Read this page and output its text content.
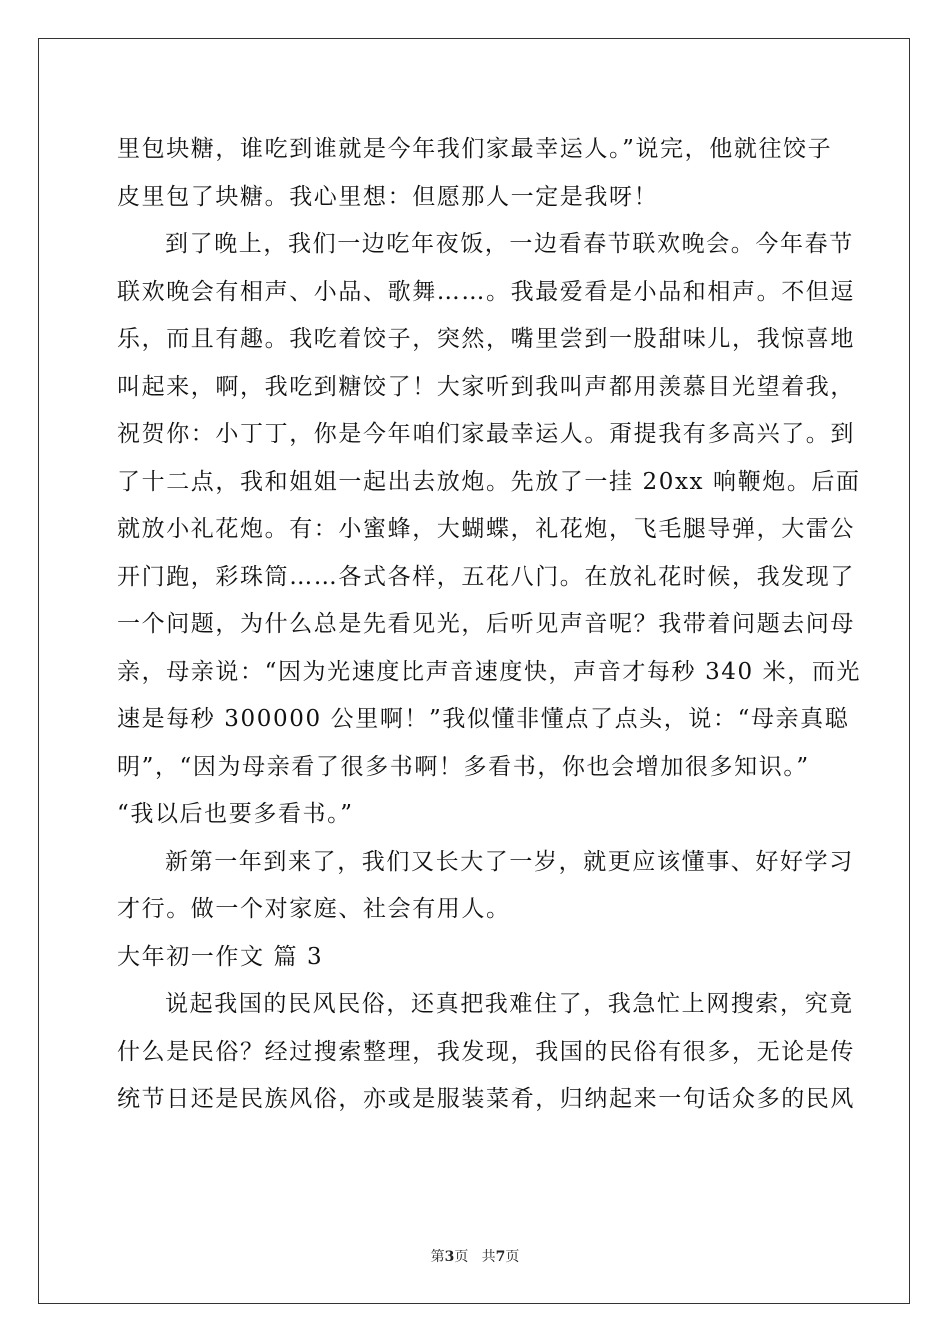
里包块糖，谁吃到谁就是今年我们家最幸运人。”说完，他就往饺子
皮里包了块糖。我心里想：但愿那人一定是我呀！
到了晚上，我们一边吃年夜饭，一边看春节联欢晚会。今年春节
联欢晚会有相声、小品、歌舞……。我最爱看是小品和相声。不但逗
乐，而且有趣。我吃着饺子，突然，嘴里尝到一股甜味儿，我惊喜地
叫起来，啊，我吃到糖饺了！大家听到我叫声都用羡慕目光望着我，
祝贺你：小丁丁，你是今年咱们家最幸运人。甭提我有多高兴了。到
了十二点，我和姐姐一起出去放炮。先放了一挂 20xx 响鞭炮。后面
就放小礼花炮。有：小蜜蜂，大蝴蝶，礼花炮，飞毛腿导弹，大雷公
开门跑，彩珠筒……各式各样，五花八门。在放礼花时候，我发现了
一个问题，为什么总是先看见光，后听见声音呢？我带着问题去问母
亲，母亲说：“因为光速度比声音速度快，声音才每秒 340 米，而光
速是每秒 300000 公里啊！”我似懂非懂点了点头，说：“母亲真聪
明”，“因为母亲看了很多书啊！多看书，你也会增加很多知识。”
“我以后也要多看书。”
新第一年到来了，我们又长大了一岁，就更应该懂事、好好学习
才行。做一个对家庭、社会有用人。
大年初一作文 篇 3
说起我国的民风民俗，还真把我难住了，我急忙上网搜索，究竟
什么是民俗？经过搜索整理，我发现，我国的民俗有很多，无论是传
统节日还是民族风俗，亦或是服装菜肴，归纳起来一句话众多的民风
第3页 共7页
